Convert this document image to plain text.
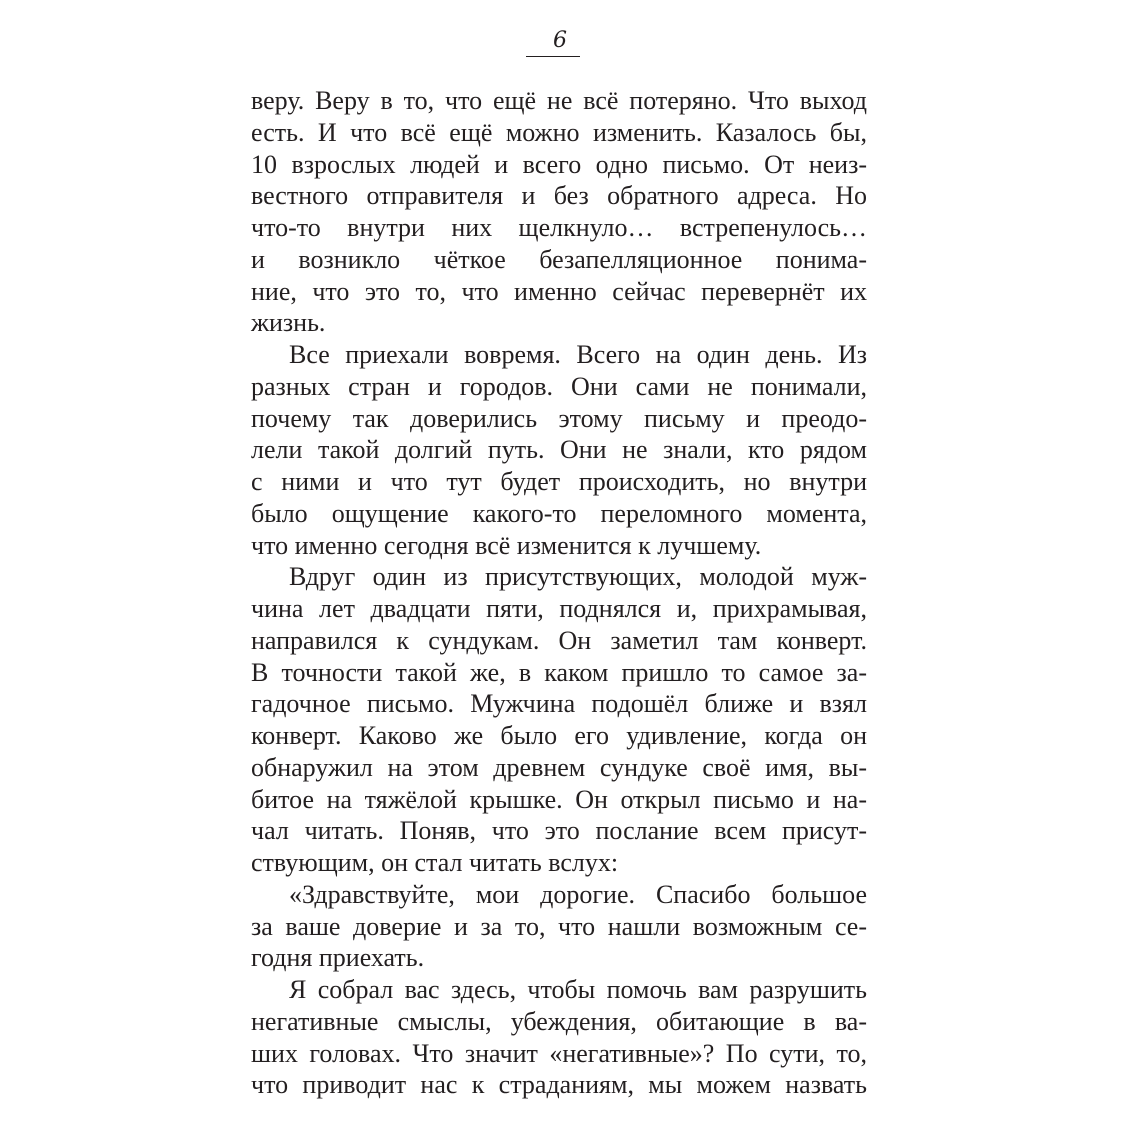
6
веру. Веру в то, что ещё не всё потеряно. Что выход
есть. И что всё ещё можно изменить. Казалось бы,
10 взрослых людей и всего одно письмо. От неиз-
вестного отправителя и без обратного адреса. Но
что-то внутри них щелкнуло… встрепенулось…
и возникло чёткое безапелляционное понима-
ние, что это то, что именно сейчас перевернёт их
жизнь.
Все приехали вовремя. Всего на один день. Из
разных стран и городов. Они сами не понимали,
почему так доверились этому письму и преодо-
лели такой долгий путь. Они не знали, кто рядом
с ними и что тут будет происходить, но внутри
было ощущение какого-то переломного момента,
что именно сегодня всё изменится к лучшему.
Вдруг один из присутствующих, молодой муж-
чина лет двадцати пяти, поднялся и, прихрамывая,
направился к сундукам. Он заметил там конверт.
В точности такой же, в каком пришло то самое за-
гадочное письмо. Мужчина подошёл ближе и взял
конверт. Каково же было его удивление, когда он
обнаружил на этом древнем сундуке своё имя, вы-
битое на тяжёлой крышке. Он открыл письмо и на-
чал читать. Поняв, что это послание всем присут-
ствующим, он стал читать вслух:
«Здравствуйте, мои дорогие. Спасибо большое
за ваше доверие и за то, что нашли возможным се-
годня приехать.
Я собрал вас здесь, чтобы помочь вам разрушить
негативные смыслы, убеждения, обитающие в ва-
ших головах. Что значит «негативные»? По сути, то,
что приводит нас к страданиям, мы можем назвать
